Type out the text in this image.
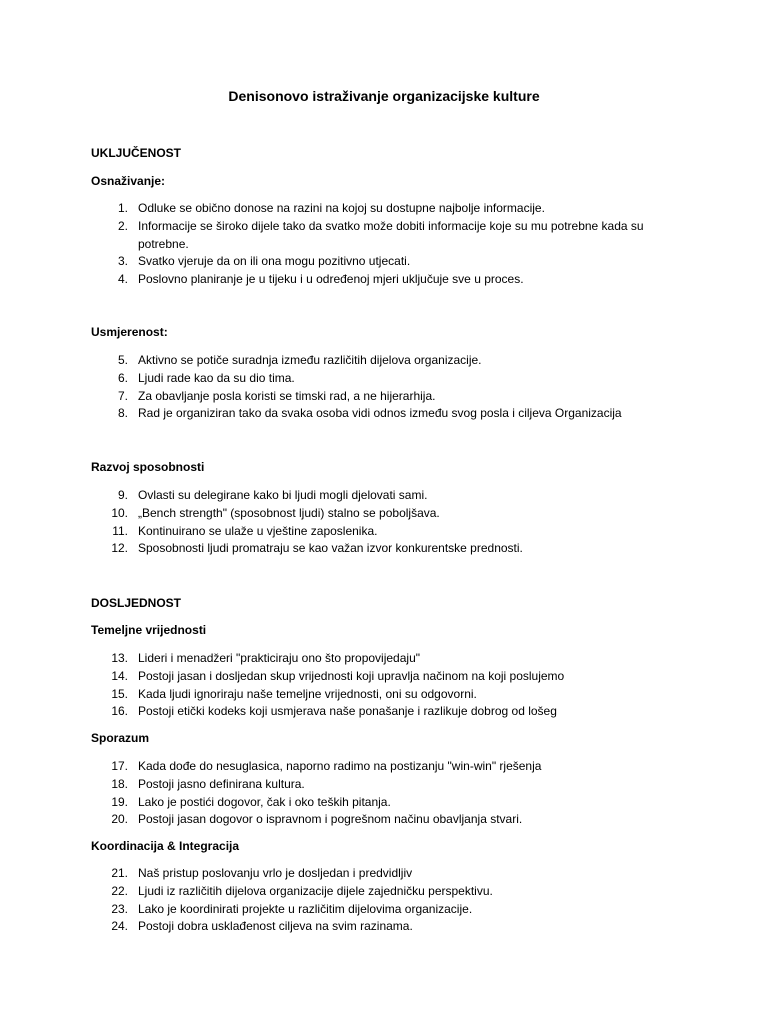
Denisonovo istraživanje organizacijske kulture
UKLJUČENOST
Osnaživanje:
1. Odluke se obično donose na razini na kojoj su dostupne najbolje informacije.
2. Informacije se široko dijele tako da svatko može dobiti informacije koje su mu potrebne kada su potrebne.
3. Svatko vjeruje da on ili ona mogu pozitivno utjecati.
4. Poslovno planiranje je u tijeku i u određenoj mjeri uključuje sve u proces.
Usmjerenost:
5. Aktivno se potiče suradnja između različitih dijelova organizacije.
6. Ljudi rade kao da su dio tima.
7. Za obavljanje posla koristi se timski rad, a ne hijerarhija.
8. Rad je organiziran tako da svaka osoba vidi odnos između svog posla i ciljeva Organizacija
Razvoj sposobnosti
9. Ovlasti su delegirane kako bi ljudi mogli djelovati sami.
10. „Bench strength" (sposobnost ljudi) stalno se poboljšava.
11. Kontinuirano se ulaže u vještine zaposlenika.
12. Sposobnosti ljudi promatraju se kao važan izvor konkurentske prednosti.
DOSLJEDNOST
Temeljne vrijednosti
13. Lideri i menadžeri "prakticiraju ono što propovijedaju"
14. Postoji jasan i dosljedan skup vrijednosti koji upravlja načinom na koji poslujemo
15. Kada ljudi ignoriraju naše temeljne vrijednosti, oni su odgovorni.
16. Postoji etički kodeks koji usmjerava naše ponašanje i razlikuje dobrog od lošeg
Sporazum
17. Kada dođe do nesuglasica, naporno radimo na postizanju "win-win" rješenja
18. Postoji jasno definirana kultura.
19. Lako je postići dogovor, čak i oko teških pitanja.
20. Postoji jasan dogovor o ispravnom i pogrešnom načinu obavljanja stvari.
Koordinacija & Integracija
21. Naš pristup poslovanju vrlo je dosljedan i predvidljiv
22. Ljudi iz različitih dijelova organizacije dijele zajedničku perspektivu.
23. Lako je koordinirati projekte u različitim dijelovima organizacije.
24. Postoji dobra usklađenost ciljeva na svim razinama.
